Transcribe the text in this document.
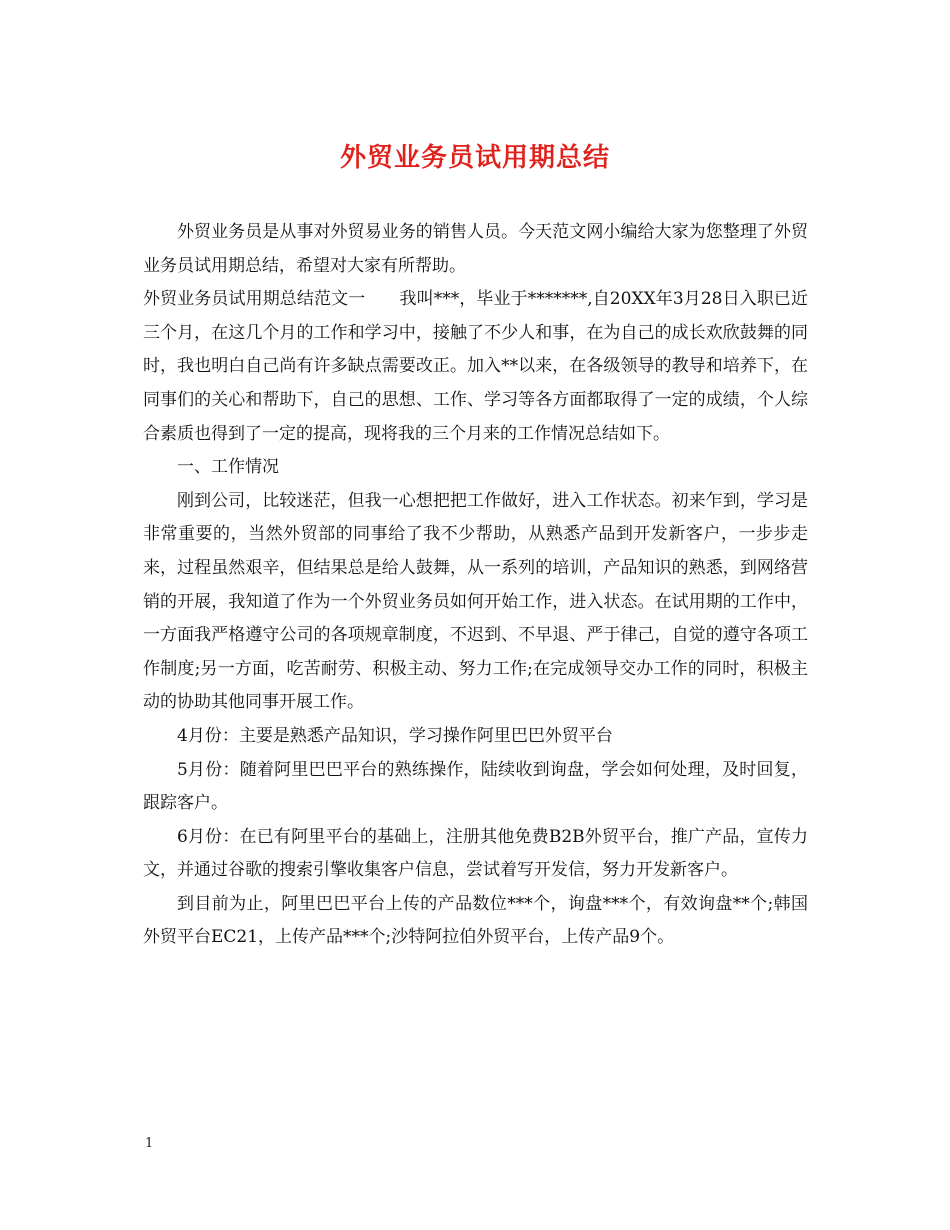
外贸业务员试用期总结

外贸业务员是从事对外贸易业务的销售人员。今天范文网小编给大家为您整理了外贸业务员试用期总结，希望对大家有所帮助。

外贸业务员试用期总结范文一　　我叫***，毕业于*******,自20XX年3月28日入职已近三个月，在这几个月的工作和学习中，接触了不少人和事，在为自己的成长欢欣鼓舞的同时，我也明白自己尚有许多缺点需要改正。加入**以来，在各级领导的教导和培养下，在同事们的关心和帮助下，自己的思想、工作、学习等各方面都取得了一定的成绩，个人综合素质也得到了一定的提高，现将我的三个月来的工作情况总结如下。

一、工作情况

刚到公司，比较迷茫，但我一心想把把工作做好，进入工作状态。初来乍到，学习是非常重要的，当然外贸部的同事给了我不少帮助，从熟悉产品到开发新客户，一步步走来，过程虽然艰辛，但结果总是给人鼓舞，从一系列的培训，产品知识的熟悉，到网络营销的开展，我知道了作为一个外贸业务员如何开始工作，进入状态。在试用期的工作中，一方面我严格遵守公司的各项规章制度，不迟到、不早退、严于律己，自觉的遵守各项工作制度;另一方面，吃苦耐劳、积极主动、努力工作;在完成领导交办工作的同时，积极主动的协助其他同事开展工作。

4月份：主要是熟悉产品知识，学习操作阿里巴巴外贸平台

5月份：随着阿里巴巴平台的熟练操作，陆续收到询盘，学会如何处理，及时回复，跟踪客户。

6月份：在已有阿里平台的基础上，注册其他免费B2B外贸平台，推广产品，宣传力文，并通过谷歌的搜索引擎收集客户信息，尝试着写开发信，努力开发新客户。

到目前为止，阿里巴巴平台上传的产品数位***个，询盘***个，有效询盘**个;韩国外贸平台EC21，上传产品***个;沙特阿拉伯外贸平台，上传产品9个。

1
